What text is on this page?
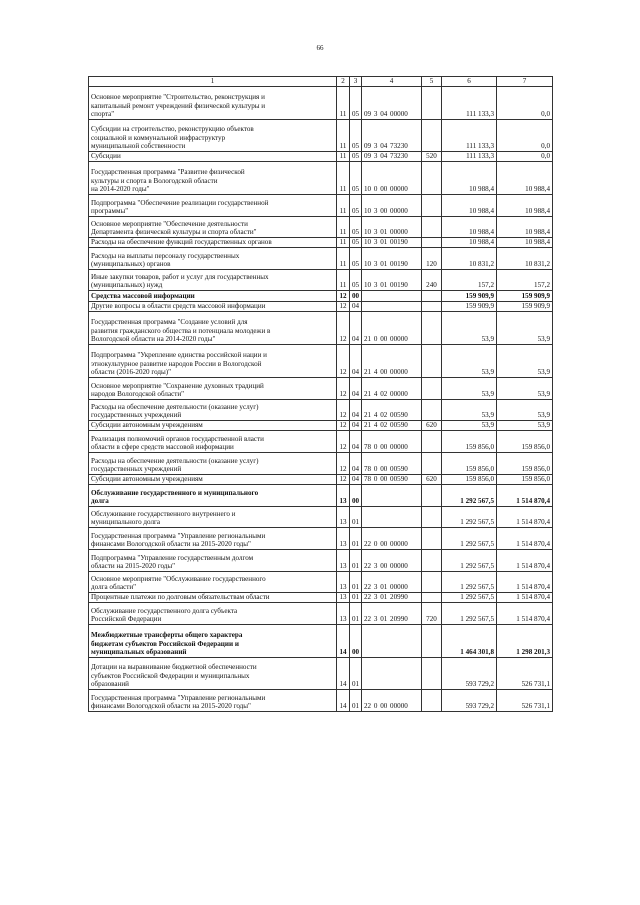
66
1	2	3	4	5	6	7
Основное мероприятие "Строительство, реконструкция и
капитальный ремонт учреждений физической культуры и
спорта"	11	05	09 3 04 00000		111 133,3	0,0
Субсидии на строительство, реконструкцию объектов
социальной и коммунальной инфраструктур
муниципальной собственности	11	05	09 3 04 73230		111 133,3	0,0
Субсидии	11	05	09 3 04 73230	520	111 133,3	0,0
Государственная программа "Развитие физической
культуры и спорта в Вологодской области
на 2014-2020 годы"	11	05	10 0 00 00000		10 988,4	10 988,4
Подпрограмма "Обеспечение реализации государственной
программы"	11	05	10 3 00 00000		10 988,4	10 988,4
Основное мероприятие "Обеспечение деятельности
Департамента физической культуры и спорта области"	11	05	10 3 01 00000		10 988,4	10 988,4
Расходы на обеспечение функций государственных органов	11	05	10 3 01 00190		10 988,4	10 988,4
Расходы на выплаты персоналу государственных
(муниципальных) органов	11	05	10 3 01 00190	120	10 831,2	10 831,2
Иные закупки товаров, работ и услуг для государственных
(муниципальных) нужд	11	05	10 3 01 00190	240	157,2	157,2
Средства массовой информации	12	00			159 909,9	159 909,9
Другие вопросы в области средств массовой информации	12	04			159 909,9	159 909,9
Государственная программа "Создание условий для
развития гражданского общества и потенциала молодежи в
Вологодской области на 2014-2020 годы"	12	04	21 0 00 00000		53,9	53,9
Подпрограмма "Укрепление единства российской нации и
этнокультурное развитие народов России в Вологодской
области (2016-2020 годы)"	12	04	21 4 00 00000		53,9	53,9
Основное мероприятие "Сохранение духовных традиций
народов Вологодской области"	12	04	21 4 02 00000		53,9	53,9
Расходы на обеспечение деятельности (оказание услуг)
государственных учреждений	12	04	21 4 02 00590		53,9	53,9
Субсидии автономным учреждениям	12	04	21 4 02 00590	620	53,9	53,9
Реализация полномочий органов государственной власти
области в сфере средств массовой информации	12	04	78 0 00 00000		159 856,0	159 856,0
Расходы на обеспечение деятельности (оказание услуг)
государственных учреждений	12	04	78 0 00 00590		159 856,0	159 856,0
Субсидии автономным учреждениям	12	04	78 0 00 00590	620	159 856,0	159 856,0
Обслуживание государственного и муниципального
долга	13	00			1 292 567,5	1 514 870,4
Обслуживание государственного внутреннего и
муниципального долга	13	01			1 292 567,5	1 514 870,4
Государственная программа "Управление региональными
финансами Вологодской области на 2015-2020 годы"	13	01	22 0 00 00000		1 292 567,5	1 514 870,4
Подпрограмма "Управление государственным долгом
области на 2015-2020 годы"	13	01	22 3 00 00000		1 292 567,5	1 514 870,4
Основное мероприятие "Обслуживание государственного
долга области"	13	01	22 3 01 00000		1 292 567,5	1 514 870,4
Процентные платежи по долговым обязательствам области	13	01	22 3 01 20990		1 292 567,5	1 514 870,4
Обслуживание государственного долга субъекта
Российской Федерации	13	01	22 3 01 20990	720	1 292 567,5	1 514 870,4
Межбюджетные трансферты общего характера
бюджетам субъектов Российской Федерации и
муниципальных образований	14	00			1 464 301,8	1 298 201,3
Дотации на выравнивание бюджетной обеспеченности
субъектов Российской Федерации и муниципальных
образований	14	01			593 729,2	526 731,1
Государственная программа "Управление региональными
финансами Вологодской области на 2015-2020 годы"	14	01	22 0 00 00000		593 729,2	526 731,1
